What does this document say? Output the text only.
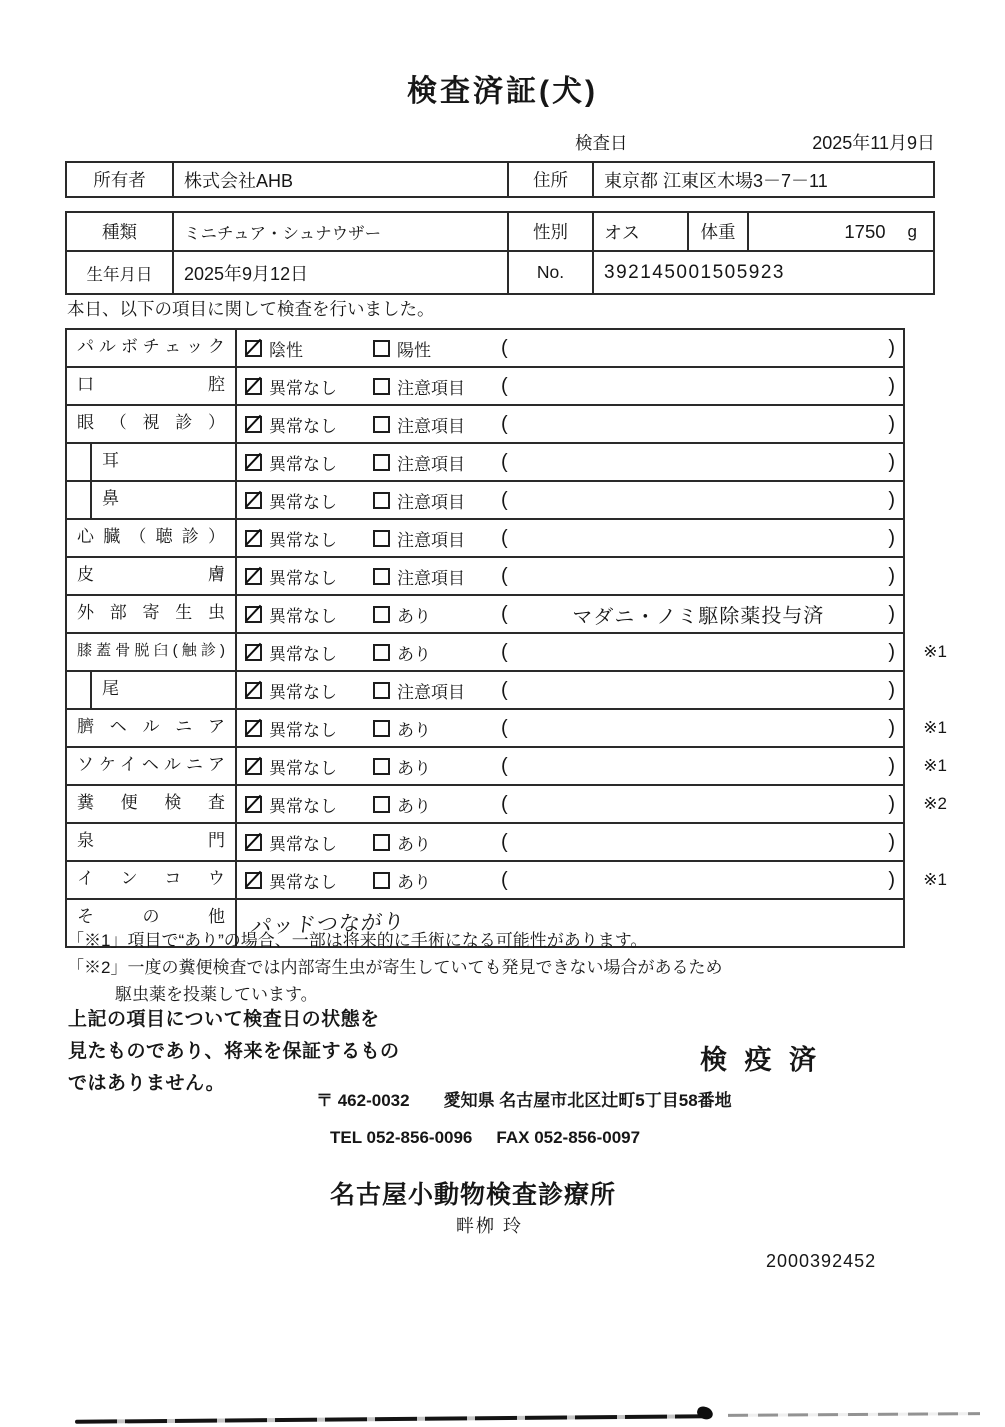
検査済証(犬)
検査日	2025年11月9日
所有者	株式会社AHB	住所	東京都 江東区木場3－7－11
種類	ミニチュア・シュナウザー	性別	オス	体重	1750 g
生年月日	2025年9月12日	No.	392145001505923
本日、以下の項目に関して検査を行いました。
パルボチェック	陰性	陽性	(	)
口腔	異常なし	注意項目 (	)
眼（視診）	異常なし	注意項目 (	)
耳	異常なし	注意項目 (	)
鼻	異常なし	注意項目 (	)
心臓（聴診）	異常なし	注意項目 (	)
皮膚	異常なし	注意項目 (	)
外部寄生虫	異常なし	あり	(	マダニ・ノミ駆除薬投与済	)
膝蓋骨脱臼(触診)	異常なし	あり	(	) ※1
尾	異常なし	注意項目 (	)
臍ヘルニア	異常なし	あり	(	) ※1
ソケイヘルニア	異常なし	あり	(	) ※1
糞便検査	異常なし	あり	(	) ※2
泉門	異常なし	あり	(	)
インコウ	異常なし	あり	(	) ※1
その他	パッドつながり
「※1」項目で“あり”の場合、一部は将来的に手術になる可能性があります。
「※2」一度の糞便検査では内部寄生虫が寄生していても発見できない場合があるため
駆虫薬を投薬しています。
上記の項目について検査日の状態を
見たものであり、将来を保証するもの
ではありません。
検 疫 済
〒 462-0032 愛知県 名古屋市北区辻町5丁目58番地
TEL 052-856-0096 FAX 052-856-0097
名古屋小動物検査診療所
畔栁 玲
2000392452
